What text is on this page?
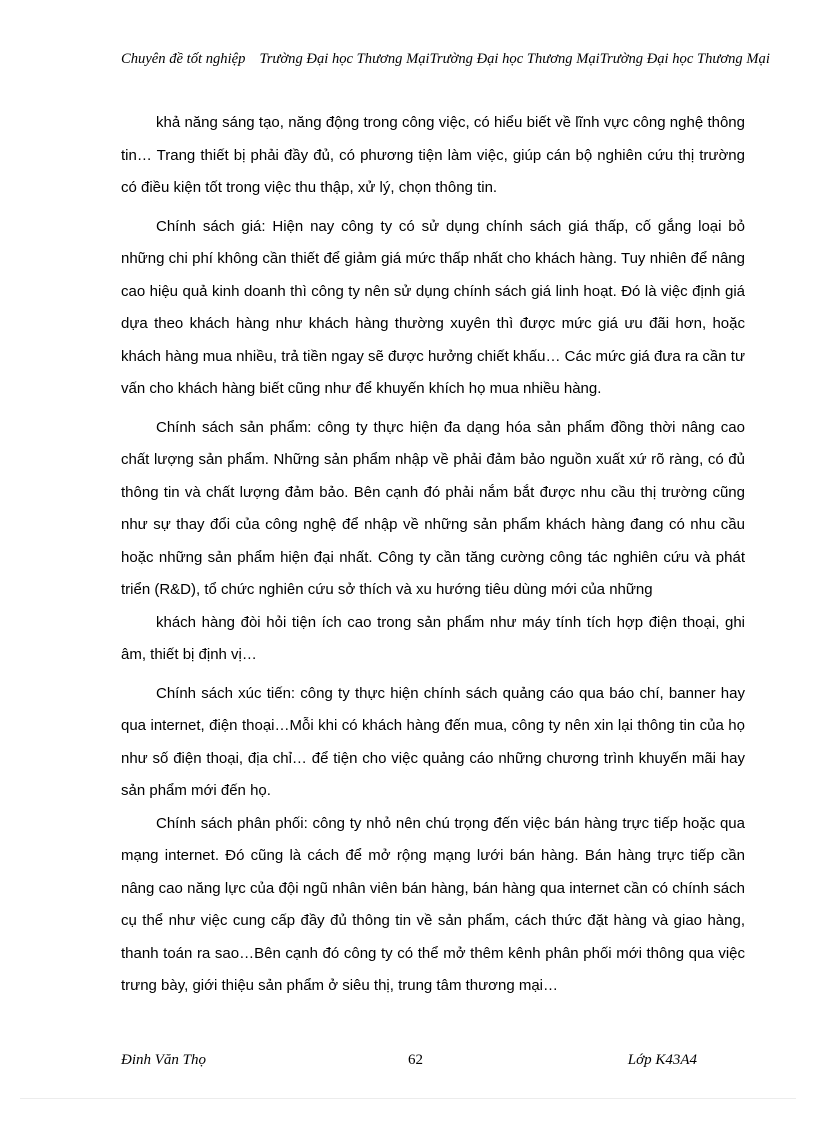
Chuyên đề tốt nghiệp Trường Đại học Thương MạiTrường Đại học Thương MạiTrường Đại học Thương Mại

khả năng sáng tạo, năng động trong công việc, có hiểu biết về lĩnh vực công nghệ thông tin… Trang thiết bị phải đầy đủ, có phương tiện làm việc, giúp cán bộ nghiên cứu thị trường có điều kiện tốt trong việc thu thập, xử lý, chọn thông tin.

Chính sách giá: Hiện nay công ty có sử dụng chính sách giá thấp, cố gắng loại bỏ những chi phí không cần thiết để giảm giá mức thấp nhất cho khách hàng. Tuy nhiên để nâng cao hiệu quả kinh doanh thì công ty nên sử dụng chính sách giá linh hoạt. Đó là việc định giá dựa theo khách hàng như khách hàng thường xuyên thì được mức giá ưu đãi hơn, hoặc khách hàng mua nhiều, trả tiền ngay sẽ được hưởng chiết khấu… Các mức giá đưa ra cần tư vấn cho khách hàng biết cũng như để khuyến khích họ mua nhiều hàng.

Chính sách sản phẩm: công ty thực hiện đa dạng hóa sản phẩm đồng thời nâng cao chất lượng sản phẩm. Những sản phẩm nhập về phải đảm bảo nguồn xuất xứ rõ ràng, có đủ thông tin và chất lượng đảm bảo. Bên cạnh đó phải nắm bắt được nhu cầu thị trường cũng như sự thay đổi của công nghệ để nhập về những sản phẩm khách hàng đang có nhu cầu hoặc những sản phẩm hiện đại nhất. Công ty cần tăng cường công tác nghiên cứu và phát triển (R&D), tổ chức nghiên cứu sở thích và xu hướng tiêu dùng mới của những

khách hàng đòi hỏi tiện ích cao trong sản phẩm như máy tính tích hợp điện thoại, ghi âm, thiết bị định vị…

Chính sách xúc tiến: công ty thực hiện chính sách quảng cáo qua báo chí, banner hay qua internet, điện thoại…Mỗi khi có khách hàng đến mua, công ty nên xin lại thông tin của họ như số điện thoại, địa chỉ… để tiện cho việc quảng cáo những chương trình khuyến mãi hay sản phẩm mới đến họ.

Chính sách phân phối: công ty nhỏ nên chú trọng đến việc bán hàng trực tiếp hoặc qua mạng internet. Đó cũng là cách để mở rộng mạng lưới bán hàng. Bán hàng trực tiếp cần nâng cao năng lực của đội ngũ nhân viên bán hàng, bán hàng qua internet cần có chính sách cụ thể như việc cung cấp đầy đủ thông tin về sản phẩm, cách thức đặt hàng và giao hàng, thanh toán ra sao…Bên cạnh đó công ty có thể mở thêm kênh phân phối mới thông qua việc trưng bày, giới thiệu sản phẩm ở siêu thị, trung tâm thương mại…

Đinh Văn Thọ	62	Lớp K43A4
